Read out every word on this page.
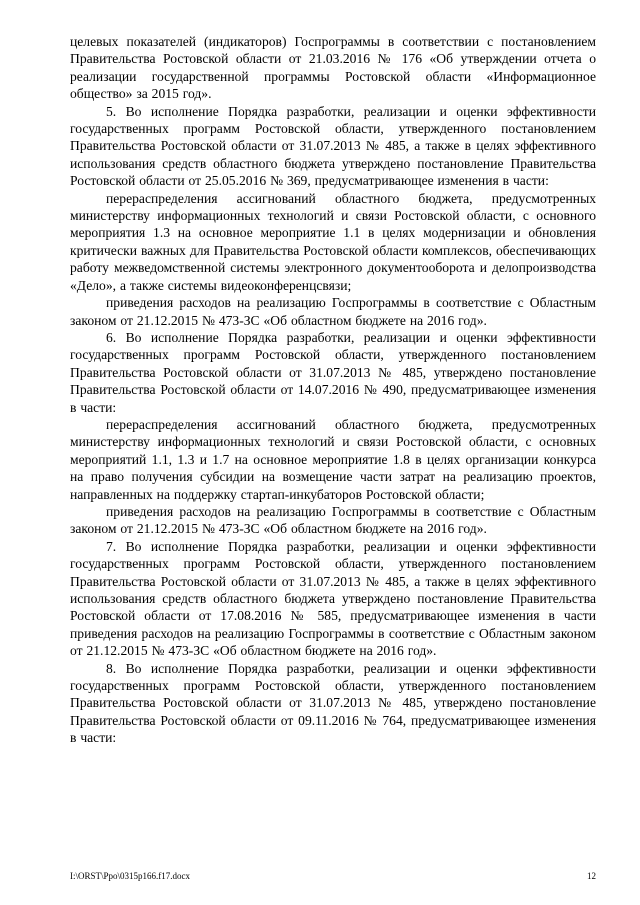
целевых показателей (индикаторов) Госпрограммы в соответствии с постановлением Правительства Ростовской области от 21.03.2016 № 176 «Об утверждении отчета о реализации государственной программы Ростовской области «Информационное общество» за 2015 год».

5. Во исполнение Порядка разработки, реализации и оценки эффективности государственных программ Ростовской области, утвержденного постановлением Правительства Ростовской области от 31.07.2013 № 485, а также в целях эффективного использования средств областного бюджета утверждено постановление Правительства Ростовской области от 25.05.2016 № 369, предусматривающее изменения в части:

перераспределения ассигнований областного бюджета, предусмотренных министерству информационных технологий и связи Ростовской области, с основного мероприятия 1.3 на основное мероприятие 1.1 в целях модернизации и обновления критически важных для Правительства Ростовской области комплексов, обеспечивающих работу межведомственной системы электронного документооборота и делопроизводства «Дело», а также системы видеоконференцсвязи;

приведения расходов на реализацию Госпрограммы в соответствие с Областным законом от 21.12.2015 № 473-ЗС «Об областном бюджете на 2016 год».

6. Во исполнение Порядка разработки, реализации и оценки эффективности государственных программ Ростовской области, утвержденного постановлением Правительства Ростовской области от 31.07.2013 № 485, утверждено постановление Правительства Ростовской области от 14.07.2016 № 490, предусматривающее изменения в части:

перераспределения ассигнований областного бюджета, предусмотренных министерству информационных технологий и связи Ростовской области, с основных мероприятий 1.1, 1.3 и 1.7 на основное мероприятие 1.8 в целях организации конкурса на право получения субсидии на возмещение части затрат на реализацию проектов, направленных на поддержку стартап-инкубаторов Ростовской области;

приведения расходов на реализацию Госпрограммы в соответствие с Областным законом от 21.12.2015 № 473-ЗС «Об областном бюджете на 2016 год».

7. Во исполнение Порядка разработки, реализации и оценки эффективности государственных программ Ростовской области, утвержденного постановлением Правительства Ростовской области от 31.07.2013 № 485, а также в целях эффективного использования средств областного бюджета утверждено постановление Правительства Ростовской области от 17.08.2016 № 585, предусматривающее изменения в части приведения расходов на реализацию Госпрограммы в соответствие с Областным законом от 21.12.2015 № 473-ЗС «Об областном бюджете на 2016 год».

8. Во исполнение Порядка разработки, реализации и оценки эффективности государственных программ Ростовской области, утвержденного постановлением Правительства Ростовской области от 31.07.2013 № 485, утверждено постановление Правительства Ростовской области от 09.11.2016 № 764, предусматривающее изменения в части:

I:\ORST\Ppo\0315p166.f17.docx	12
